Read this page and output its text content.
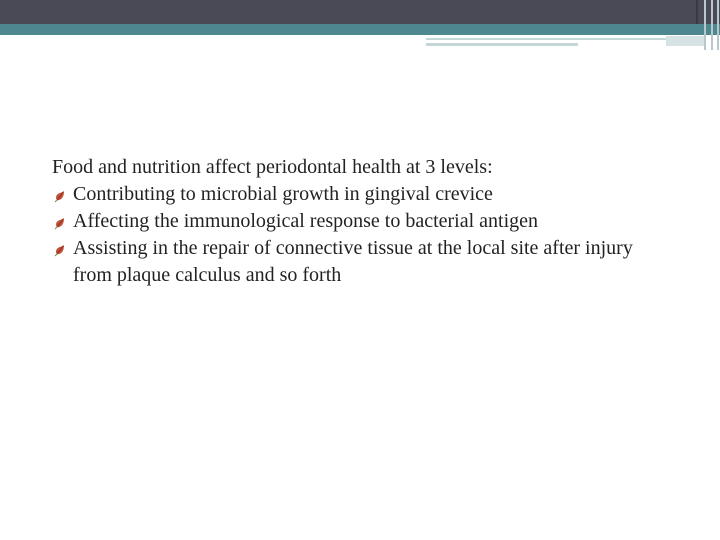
Food and nutrition affect periodontal health at 3 levels:

Contributing to microbial growth in gingival crevice
Affecting the immunological response to bacterial antigen
Assisting in the repair of connective tissue at the local site after injury from plaque calculus and so forth
